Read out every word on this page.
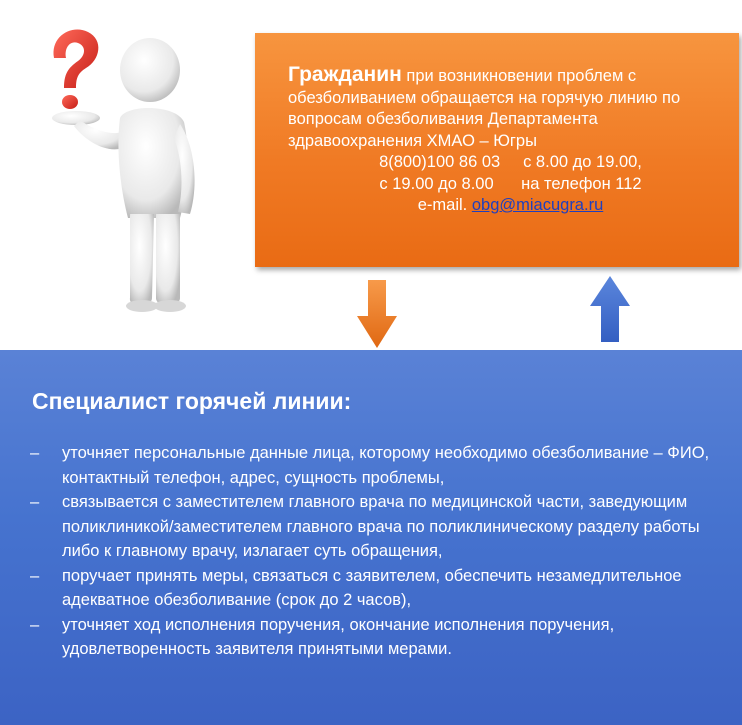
Гражданин при возникновении проблем с обезболиванием обращается на горячую линию по вопросам обезболивания Департамента здравоохранения ХМАО – Югры
8(800)100 86 03     с 8.00 до 19.00,
с 19.00 до 8.00      на телефон 112
e-mail. obg@miacugra.ru
Специалист горячей линии:
– уточняет персональные данные лица, которому необходимо обезболивание – ФИО, контактный телефон, адрес, сущность проблемы,
– связывается с заместителем главного врача по медицинской части, заведующим поликлиникой/заместителем главного врача по поликлиническому разделу работы либо к главному врачу, излагает суть обращения,
– поручает принять меры, связаться с заявителем, обеспечить незамедлительное адекватное обезболивание (срок до 2 часов),
– уточняет ход исполнения поручения, окончание исполнения поручения, удовлетворенность заявителя принятыми мерами.
